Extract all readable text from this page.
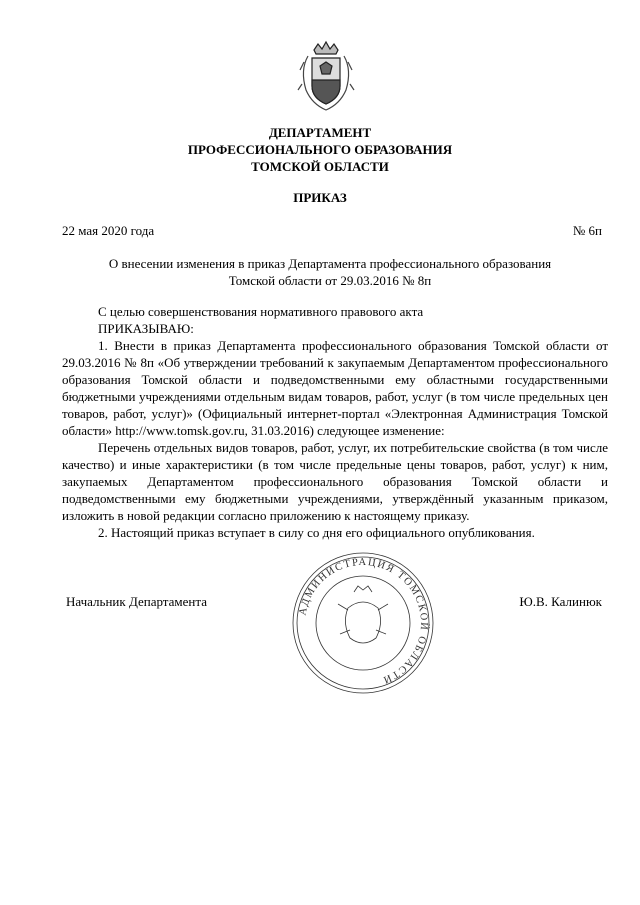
ДЕПАРТАМЕНТ
ПРОФЕССИОНАЛЬНОГО ОБРАЗОВАНИЯ
ТОМСКОЙ ОБЛАСТИ
ПРИКАЗ
22 мая 2020 года	№ 6п
О внесении изменения в приказ Департамента профессионального образования
Томской области от 29.03.2016 № 8п

С целью совершенствования нормативного правового акта

ПРИКАЗЫВАЮ:

1. Внести в приказ Департамента профессионального образования Томской области от 29.03.2016 № 8п «Об утверждении требований к закупаемым Департаментом профессионального образования Томской области и подведомственными ему областными государственными бюджетными учреждениями отдельным видам товаров, работ, услуг (в том числе предельных цен товаров, работ, услуг)» (Официальный интернет-портал «Электронная Администрация Томской области» http://www.tomsk.gov.ru, 31.03.2016) следующее изменение:

Перечень отдельных видов товаров, работ, услуг, их потребительские свойства (в том числе качество) и иные характеристики (в том числе предельные цены товаров, работ, услуг) к ним, закупаемых Департаментом профессионального образования Томской области и подведомственными ему бюджетными учреждениями, утверждённый указанным приказом, изложить в новой редакции согласно приложению к настоящему приказу.

2. Настоящий приказ вступает в силу со дня его официального опубликования.

Начальник Департамента	Ю.В. Калинюк
АДМИНИСТРАЦИЯ ТОМСКОЙ ОБЛАСТИ
